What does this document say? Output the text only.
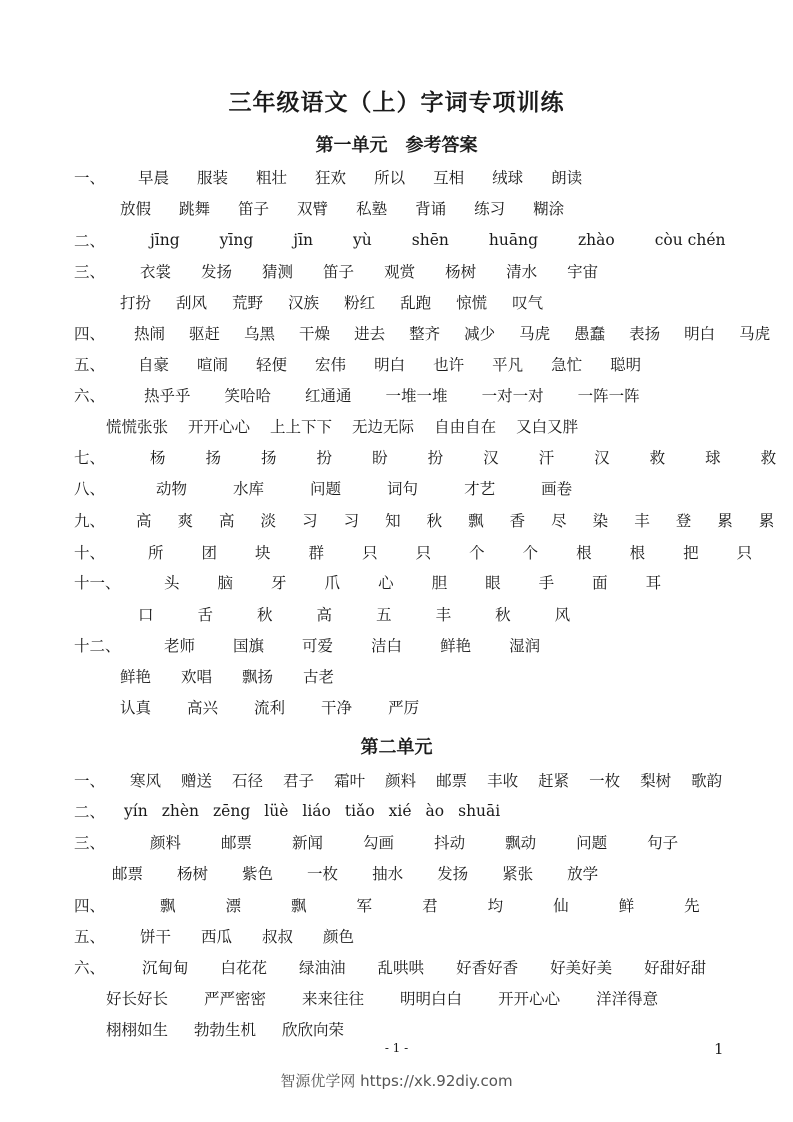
三年级语文（上）字词专项训练
第一单元　参考答案
一、	早晨 服装 粗壮 狂欢 所以 互相 绒球 朗读
放假 跳舞 笛子 双臂 私塾 背诵 练习 糊涂
二、	jīng	yīng	jīn	yù	shēn	huāng	zhào	còu chén
三、	衣裳 发扬 猜测 笛子 观赏 杨树 清水 宇宙
打扮 刮风 荒野 汉族 粉红 乱跑 惊慌 叹气
四、	热闹 驱赶 乌黑 干燥 进去 整齐 减少 马虎 愚蠢 表扬 明白 马虎
五、	自豪 喧闹 轻便 宏伟 明白 也许 平凡 急忙 聪明
六、	热乎乎 笑哈哈 红通通 一堆一堆 一对一对 一阵一阵
慌慌张张 开开心心 上上下下 无边无际 自由自在 又白又胖
七、	杨	扬	扬	扮	盼	扮	汉	汗	汉	救	球	救
八、	动物	水库	问题	词句	才艺	画卷
九、	高 爽 高 淡 习 习 知 秋 飘 香 尽 染 丰 登 累 累
十、	所 团 块 群 只 只 个 个 根 根 把 只
十一、	头 脑 牙 爪 心 胆 眼 手 面 耳
口	舌	秋	高	五	丰	秋	风
十二、	老师 国旗 可爱 洁白 鲜艳 湿润
鲜艳 欢唱 飘扬 古老
认真 高兴 流利 干净 严厉
第二单元
一、	寒风 赠送 石径 君子 霜叶 颜料 邮票 丰收 赶紧 一枚 梨树 歌韵
二、	yín zhèn zēng lüè liáo tiǎo xié ào shuāi
三、	颜料	邮票	新闻	勾画	抖动	飘动	问题	句子
邮票 杨树 紫色 一枚 抽水 发扬 紧张 放学
四、	飘	漂	飘	军	君	均	仙	鲜	先
五、	饼干 西瓜 叔叔 颜色
六、	沉甸甸 白花花 绿油油 乱哄哄 好香好香 好美好美 好甜好甜
好长好长 严严密密 来来往往 明明白白 开开心心 洋洋得意
栩栩如生 勃勃生机 欣欣向荣
- 1 -	1
智源优学网 https://xk.92diy.com
